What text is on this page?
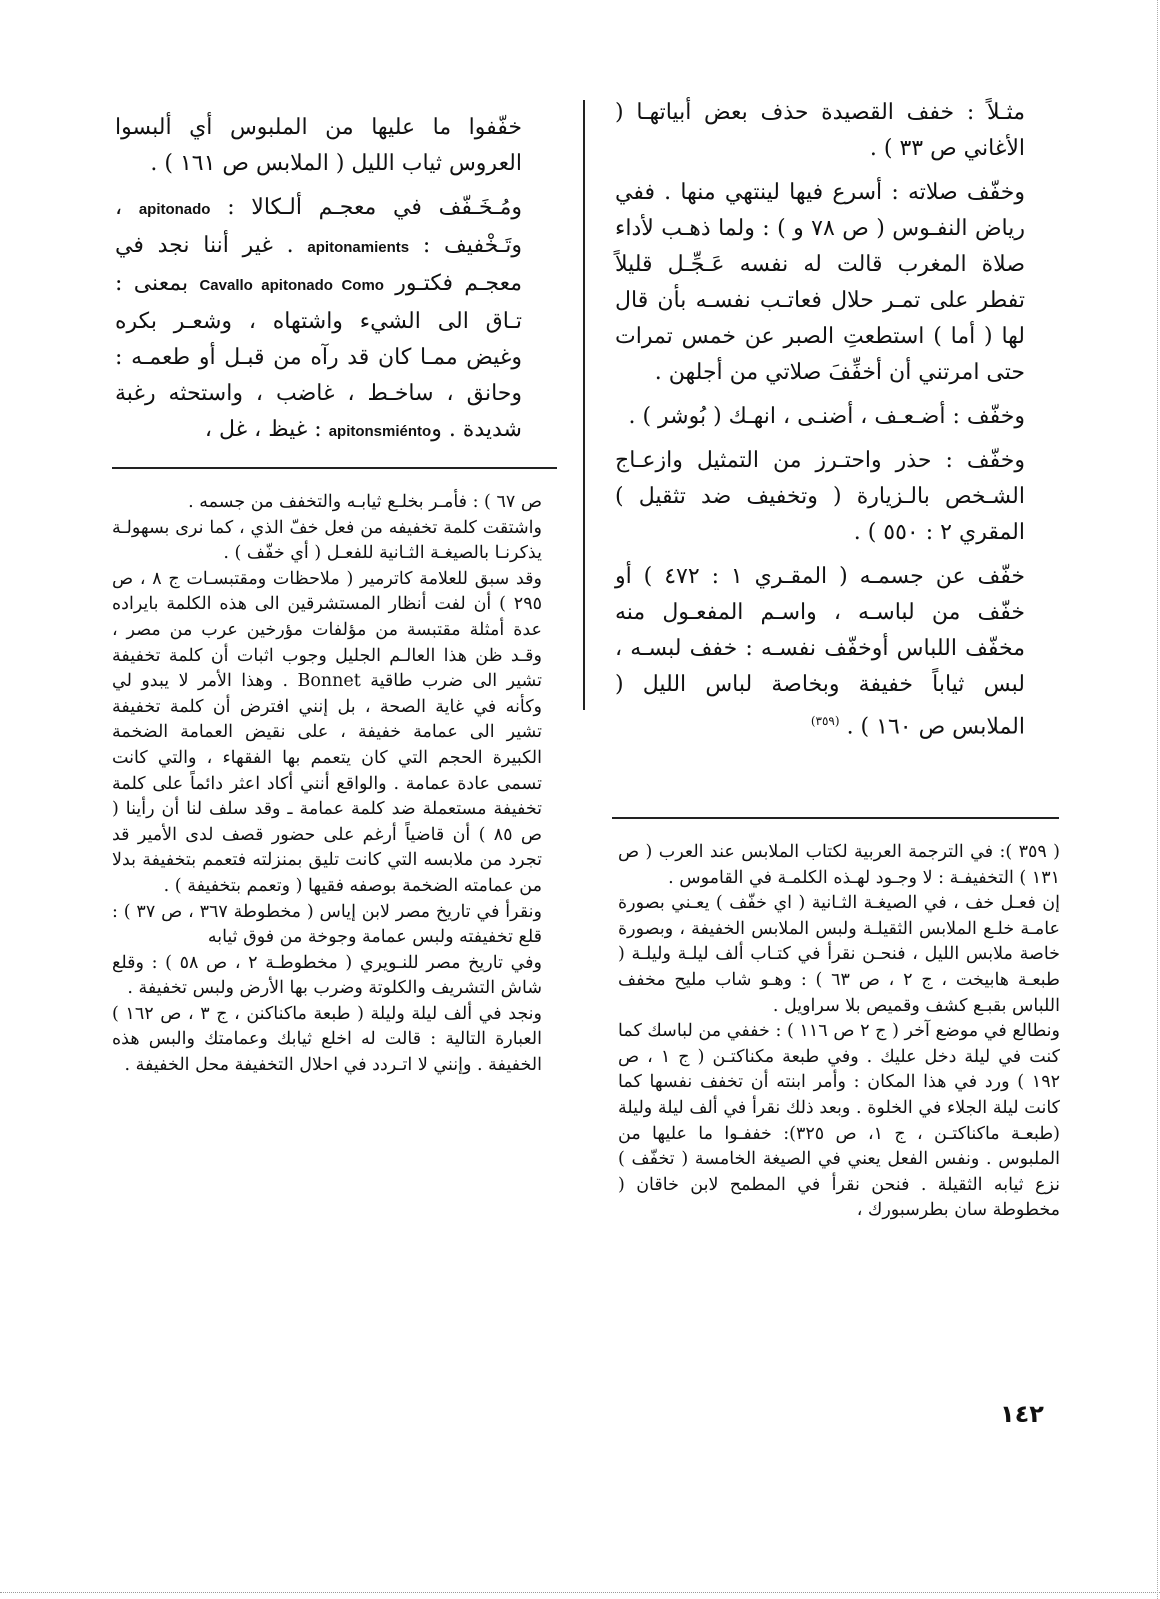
مثـلاً : خفف القصيدة حذف بعض أبياتهـا ( الأغاني ص ٣٣ ) .

وخفّف صلاته : أسرع فيها لينتهي منها . ففي رياض النفـوس ( ص ٧٨ و ) : ولما ذهـب لأداء صلاة المغرب قالت له نفسه عَـجِّـل قليلاً تفطر على تمـر حلال فعاتـب نفسـه بأن قال لها ( أما ) استطعتِ الصبر عن خمس تمرات حتى امرتني أن أخفِّفَ صلاتي من أجلهن .

وخفّف : أضـعـف ، أضنـى ، انهـك ( بُوشر ) .

وخفّف : حذر واحتـرز من التمثيل وازعـاج الشـخص بالـزيارة ( وتخفيف ضد تثقيل ) المقري ٢ : ٥٥٠ ) .

خفّف عن جسمـه ( المقـري ١ : ٤٧٢ ) أو خفّف من لباسـه ، واسـم المفعـول منه مخفّف اللباس أوخفّف نفسـه : خفف لبسـه ، لبس ثياباً خفيفة وبخاصة لباس الليل ( الملابس ص ١٦٠ ) . $^{(٣٥٩)}$

خفّفوا ما عليها من الملبوس أي ألبسوا العروس ثياب الليل ( الملابس ص ١٦١ ) .

ومُـخَـفّف في معجـم ألـكالا : apitonado ، وتَـخْفيف : apitonamients . غير أننا نجد في معجـم فكتـور Cavallo apitonado Como بمعنى : تـاق الى الشيء واشتهاه ، وشعـر بكره وغيض ممـا كان قد رآه من قبـل أو طعمـه : وحانق ، ساخـط ، غاضب ، واستحثه رغبة شديدة . وapitonsmiénto : غيظ ، غل ،

ص ٦٧ ) : فأمـر بخلـع ثيابـه والتخفف من جسمه .

واشتقت كلمة تخفيفه من فعل خفّ الذي ، كما نرى بسهولـة يذكرنـا بالصيغـة الثـانية للفعـل ( أي خفّف ) .

وقد سبق للعلامة كاترمير ( ملاحظات ومقتبسـات ج ٨ ، ص ٢٩٥ ) أن لفت أنظار المستشرقين الى هذه الكلمة بايراده عدة أمثلة مقتبسة من مؤلفات مؤرخين عرب من مصر ، وقـد ظن هذا العالـم الجليل وجوب اثبات أن كلمة تخفيفة تشير الى ضرب طاقية Bonnet . وهذا الأمر لا يبدو لي وكأنه في غاية الصحة ، بل إنني افترض أن كلمة تخفيفة تشير الى عمامة خفيفة ، على نقيض العمامة الضخمة الكبيرة الحجم التي كان يتعمم بها الفقهاء ، والتي كانت تسمى عادة عمامة . والواقع أنني أكاد اعثر دائماً على كلمة تخفيفة مستعملة ضد كلمة عمامة ـ وقد سلف لنا أن رأينا ( ص ٨٥ ) أن قاضياً أرغم على حضور قصف لدى الأمير قد تجرد من ملابسه التي كانت تليق بمنزلته فتعمم بتخفيفة بدلا من عمامته الضخمة بوصفه فقيها ( وتعمم بتخفيفة ) .

ونقرأ في تاريخ مصر لابن إياس ( مخطوطة ٣٦٧ ، ص ٣٧ ) : قلع تخفيفته ولبس عمامة وجوخة من فوق ثيابه

وفي تاريخ مصر للنـويري ( مخطوطـة ٢ ، ص ٥٨ ) : وقلع شاش التشريف والكلوتة وضرب بها الأرض ولبس تخفيفة .

ونجد في ألف ليلة وليلة ( طبعة ماكناكنن ، ج ٣ ، ص ١٦٢ ) العبارة التالية : قالت له اخلع ثيابك وعمامتك والبس هذه الخفيفة . وإنني لا اتـردد في احلال التخفيفة محل الخفيفة .

( ٣٥٩ ): في الترجمة العربية لكتاب الملابس عند العرب ( ص ١٣١ ) التخفيفـة : لا وجـود لهـذه الكلمـة في القاموس .

إن فعـل خف ، في الصيغـة الثـانية ( اي خفّف ) يعـني بصورة عامـة خلـع الملابس الثقيلـة ولبس الملابس الخفيفة ، وبصورة خاصة ملابس الليل ، فنحـن نقرأ في كتـاب ألف ليلـة وليلـة ( طبعـة هابيخت ، ج ٢ ، ص ٦٣ ) : وهـو شاب مليح مخفف اللباس بقبـع كشف وقميص بلا سراويل .

ونطالع في موضع آخر ( ج ٢ ص ١١٦ ) : خففي من لباسك كما كنت في ليلة دخل عليك . وفي طبعة مكناكتـن ( ج ١ ، ص ١٩٢ ) ورد في هذا المكان : وأمر ابنته أن تخفف نفسها كما كانت ليلة الجلاء في الخلوة . وبعد ذلك نقرأ في ألف ليلة وليلة (طبعـة ماكناكتـن ، ج ١، ص ٣٢٥): خففـوا ما عليها من الملبوس . ونفس الفعل يعني في الصيغة الخامسة ( تخفّف ) نزع ثيابه الثقيلة . فنحن نقرأ في المطمح لابن خاقان ( مخطوطة سان بطرسبورك ،

١٤٢
